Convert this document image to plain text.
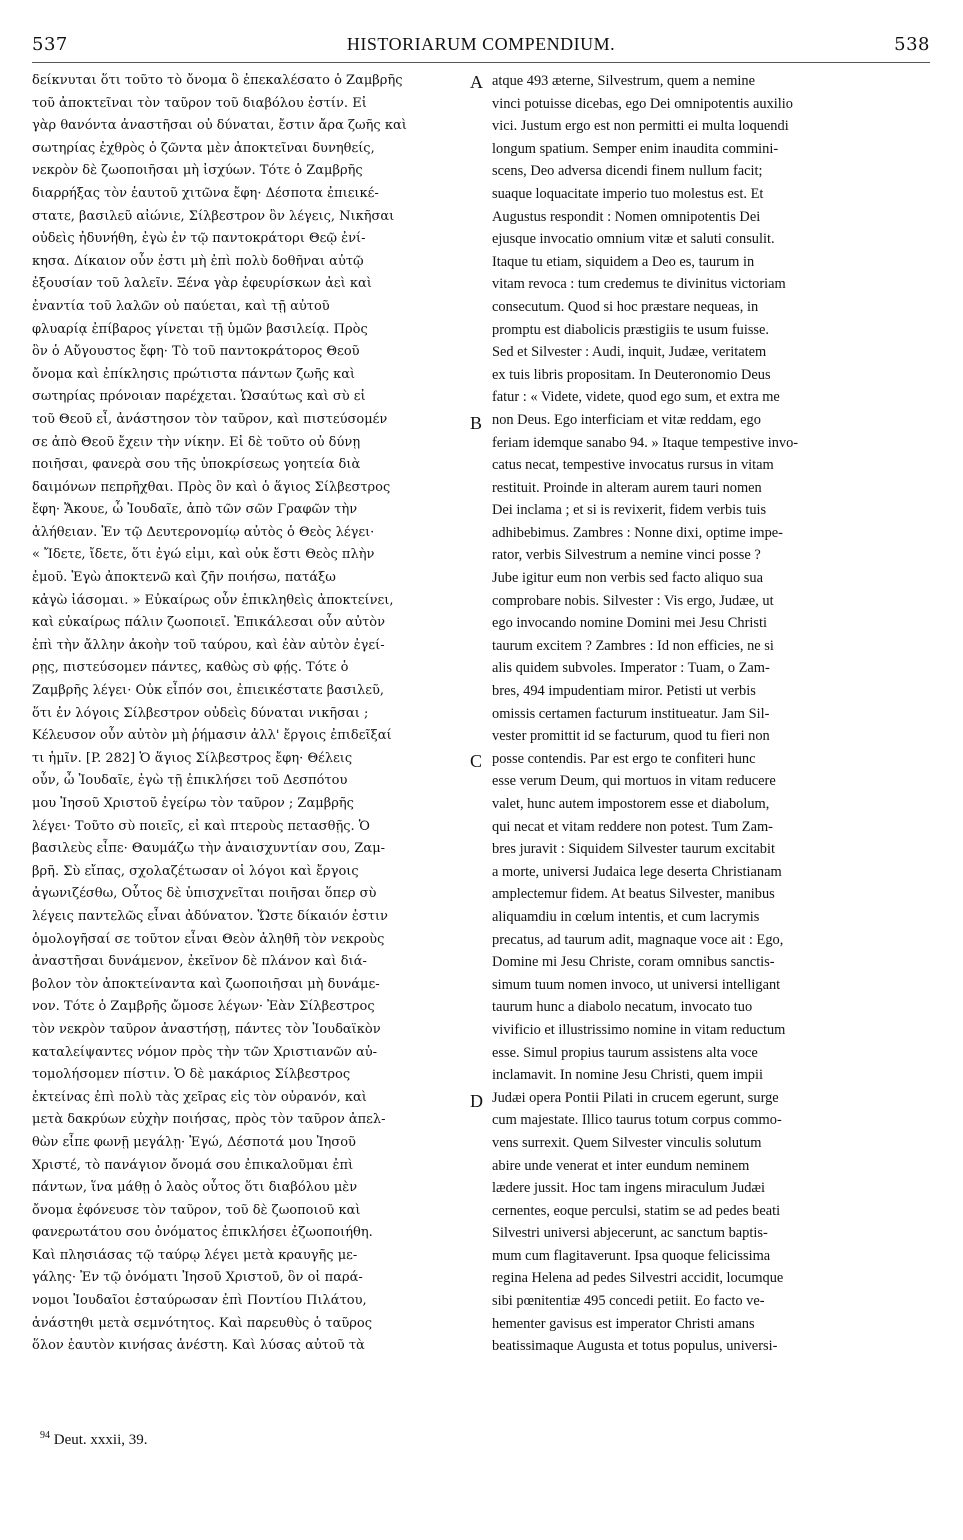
537	HISTORIARUM COMPENDIUM.	538
δείκνυται ὅτι τοῦτο τὸ ὄνομα ὃ ἐπεκαλέσατο ὁ Ζαμβρῆς
τοῦ ἀποκτεῖναι τὸν ταῦρον τοῦ διαβόλου ἐστίν. Εἰ
γὰρ θανόντα ἀναστῆσαι οὐ δύναται, ἔστιν ἄρα ζωῆς καὶ
σωτηρίας ἐχθρὸς ὁ ζῶντα μὲν ἀποκτεῖναι δυνηθείς,
νεκρὸν δὲ ζωοποιῆσαι μὴ ἰσχύων. Τότε ὁ Ζαμβρῆς
διαρρήξας τὸν ἑαυτοῦ χιτῶνα ἔφη· Δέσποτα ἐπιεικέ-
στατε, βασιλεῦ αἰώνιε, Σίλβεστρον ὃν λέγεις, Νικῆσαι
οὐδεὶς ἠδυνήθη, ἐγὼ ἐν τῷ παντοκράτορι Θεῷ ἐνί-
κησα. Δίκαιον οὖν ἐστι μὴ ἐπὶ πολὺ δοθῆναι αὐτῷ
ἐξουσίαν τοῦ λαλεῖν. Ξένα γὰρ ἐφευρίσκων ἀεὶ καὶ
ἐναντία τοῦ λαλῶν οὐ παύεται, καὶ τῇ αὐτοῦ
φλυαρίᾳ ἐπίβαρος γίνεται τῇ ὑμῶν βασιλείᾳ. Πρὸς
ὃν ὁ Αὔγουστος ἔφη· Τὸ τοῦ παντοκράτορος Θεοῦ
ὄνομα καὶ ἐπίκλησις πρώτιστα πάντων ζωῆς καὶ
σωτηρίας πρόνοιαν παρέχεται. Ὡσαύτως καὶ σὺ εἰ
τοῦ Θεοῦ εἶ, ἀνάστησον τὸν ταῦρον, καὶ πιστεύσομέν
σε ἀπὸ Θεοῦ ἔχειν τὴν νίκην. Εἰ δὲ τοῦτο οὐ δύνῃ
ποιῆσαι, φανερὰ σου τῆς ὑποκρίσεως γοητεία διὰ
δαιμόνων πεπρῆχθαι. Πρὸς ὃν καὶ ὁ ἅγιος Σίλβεστρος
ἔφη· Ἄκουε, ὦ Ἰουδαῖε, ἀπὸ τῶν σῶν Γραφῶν τὴν
ἀλήθειαν. Ἐν τῷ Δευτερονομίῳ αὐτὸς ὁ Θεὸς λέγει·
« Ἴδετε, ἴδετε, ὅτι ἐγώ εἰμι, καὶ οὐκ ἔστι Θεὸς πλὴν
ἐμοῦ. Ἐγὼ ἀποκτενῶ καὶ ζῆν ποιήσω, πατάξω
κἀγὼ ἰάσομαι. » Εὐκαίρως οὖν ἐπικληθεὶς ἀποκτείνει,
καὶ εὐκαίρως πάλιν ζωοποιεῖ. Ἐπικάλεσαι οὖν αὐτὸν
ἐπὶ τὴν ἄλλην ἀκοὴν τοῦ ταύρου, καὶ ἐὰν αὐτὸν ἐγεί-
ρῃς, πιστεύσομεν πάντες, καθὼς σὺ φῄς. Τότε ὁ
Ζαμβρῆς λέγει· Οὐκ εἶπόν σοι, ἐπιεικέστατε βασιλεῦ,
ὅτι ἐν λόγοις Σίλβεστρον οὐδεὶς δύναται νικῆσαι ;
Κέλευσον οὖν αὐτὸν μὴ ῥήμασιν ἀλλ' ἔργοις ἐπιδεῖξαί
τι ἡμῖν. [P. 282] Ὁ ἅγιος Σίλβεστρος ἔφη· Θέλεις
οὖν, ὦ Ἰουδαῖε, ἐγὼ τῇ ἐπικλήσει τοῦ Δεσπότου
μου Ἰησοῦ Χριστοῦ ἐγείρω τὸν ταῦρον ; Ζαμβρῆς
λέγει· Τοῦτο σὺ ποιεῖς, εἰ καὶ πτεροὺς πετασθῇς. Ὁ
βασιλεὺς εἶπε· Θαυμάζω τὴν ἀναισχυντίαν σου, Ζαμ-
βρῆ. Σὺ εἴπας, σχολαζέτωσαν οἱ λόγοι καὶ ἔργοις
ἀγωνιζέσθω, Οὗτος δὲ ὑπισχνεῖται ποιῆσαι ὅπερ σὺ
λέγεις παντελῶς εἶναι ἀδύνατον. Ὥστε δίκαιόν ἐστιν
ὁμολογῆσαί σε τοῦτον εἶναι Θεὸν ἀληθῆ τὸν νεκροὺς
ἀναστῆσαι δυνάμενον, ἐκεῖνον δὲ πλάνον καὶ διά-
βολον τὸν ἀποκτείναντα καὶ ζωοποιῆσαι μὴ δυνάμε-
νον. Τότε ὁ Ζαμβρῆς ὤμοσε λέγων· Ἐὰν Σίλβεστρος
τὸν νεκρὸν ταῦρον ἀναστήσῃ, πάντες τὸν Ἰουδαϊκὸν
καταλείψαντες νόμον πρὸς τὴν τῶν Χριστιανῶν αὐ-
τομολήσομεν πίστιν. Ὁ δὲ μακάριος Σίλβεστρος
ἐκτείνας ἐπὶ πολὺ τὰς χεῖρας εἰς τὸν οὐρανόν, καὶ
μετὰ δακρύων εὐχὴν ποιήσας, πρὸς τὸν ταῦρον ἀπελ-
θὼν εἶπε φωνῇ μεγάλῃ· Ἐγώ, Δέσποτά μου Ἰησοῦ
Χριστέ, τὸ πανάγιον ὄνομά σου ἐπικαλοῦμαι ἐπὶ
πάντων, ἵνα μάθῃ ὁ λαὸς οὗτος ὅτι διαβόλου μὲν
ὄνομα ἐφόνευσε τὸν ταῦρον, τοῦ δὲ ζωοποιοῦ καὶ
φανερωτάτου σου ὀνόματος ἐπικλήσει ἐζωοποιήθη.
Καὶ πλησιάσας τῷ ταύρῳ λέγει μετὰ κραυγῆς με-
γάλης· Ἐν τῷ ὀνόματι Ἰησοῦ Χριστοῦ, ὃν οἱ παρά-
νομοι Ἰουδαῖοι ἐσταύρωσαν ἐπὶ Ποντίου Πιλάτου,
ἀνάστηθι μετὰ σεμνότητος. Καὶ παρευθὺς ὁ ταῦρος
ὅλον ἑαυτὸν κινήσας ἀνέστη. Καὶ λύσας αὐτοῦ τὰ
atque 493 æterne, Silvestrum, quem a nemine
vinci potuisse dicebas, ego Dei omnipotentis auxilio
vici. Justum ergo est non permitti ei multa loquendi
longum spatium. Semper enim inaudita commini-
scens, Deo adversa dicendi finem nullum facit;
suaque loquacitate imperio tuo molestus est. Et
Augustus respondit : Nomen omnipotentis Dei
ejusque invocatio omnium vitæ et saluti consulit.
Itaque tu etiam, siquidem a Deo es, taurum in
vitam revoca : tum credemus te divinitus victoriam
consecutum. Quod si hoc præstare nequeas, in
promptu est diabolicis præstigiis te usum fuisse.
Sed et Silvester : Audi, inquit, Judæe, veritatem
ex tuis libris propositam. In Deuteronomio Deus
fatur : « Videte, videte, quod ego sum, et extra me
non Deus. Ego interficiam et vitæ reddam, ego
feriam idemque sanabo 94. » Itaque tempestive invo-
catus necat, tempestive invocatus rursus in vitam
restituit. Proinde in alteram aurem tauri nomen
Dei inclama ; et si is revixerit, fidem verbis tuis
adhibebimus. Zambres : Nonne dixi, optime impe-
rator, verbis Silvestrum a nemine vinci posse ?
Jube igitur eum non verbis sed facto aliquo sua
comprobare nobis. Silvester : Vis ergo, Judæe, ut
ego invocando nomine Domini mei Jesu Christi
taurum excitem ? Zambres : Id non efficies, ne si
alis quidem subvoles. Imperator : Tuam, o Zam-
bres, 494 impudentiam miror. Petisti ut verbis
omissis certamen facturum institueatur. Jam Sil-
vester promittit id se facturum, quod tu fieri non
posse contendis. Par est ergo te confiteri hunc
esse verum Deum, qui mortuos in vitam reducere
valet, hunc autem impostorem esse et diabolum,
qui necat et vitam reddere non potest. Tum Zam-
bres juravit : Siquidem Silvester taurum excitabit
a morte, universi Judaica lege deserta Christianam
amplectemur fidem. At beatus Silvester, manibus
aliquamdiu in cœlum intentis, et cum lacrymis
precatus, ad taurum adit, magnaque voce ait : Ego,
Domine mi Jesu Christe, coram omnibus sanctis-
simum tuum nomen invoco, ut universi intelligant
taurum hunc a diabolo necatum, invocato tuo
vivificio et illustrissimo nomine in vitam reductum
esse. Simul propius taurum assistens alta voce
inclamavit. In nomine Jesu Christi, quem impii
Judæi opera Pontii Pilati in crucem egerunt, surge
cum majestate. Illico taurus totum corpus commo-
vens surrexit. Quem Silvester vinculis solutum
abire unde venerat et inter eundum neminem
lædere jussit. Hoc tam ingens miraculum Judæi
cernentes, eoque perculsi, statim se ad pedes beati
Silvestri universi abjecerunt, ac sanctum baptis-
mum cum flagitaverunt. Ipsa quoque felicissima
regina Helena ad pedes Silvestri accidit, locumque
sibi pœnitentiæ 495 concedi petiit. Eo facto ve-
hementer gavisus est imperator Christi amans
beatissimaque Augusta et totus populus, universi-
A
B
C
D
$^{94}$ Deut. xxxii, 39.
